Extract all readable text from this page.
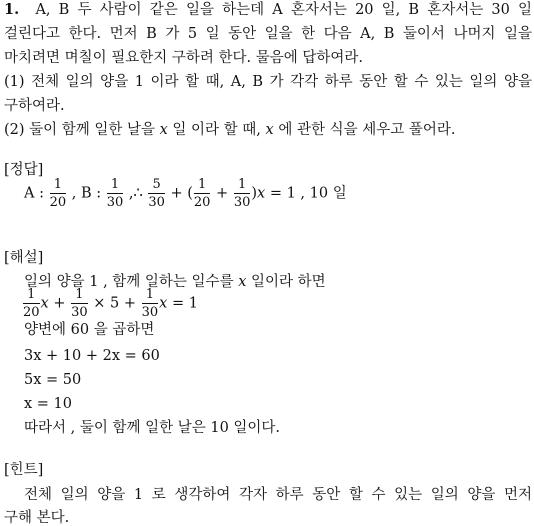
1. A, B 두 사람이 같은 일을 하는데 A 혼자서는 20 일, B 혼자서는 30 일
걸린다고 한다. 먼저 B 가 5 일 동안 일을 한 다음 A, B 둘이서 나머지 일을
마치려면 며칠이 필요한지 구하려 한다. 물음에 답하여라.
(1) 전체 일의 양을 1 이라 할 때, A, B 가 각각 하루 동안 할 수 있는 일의 양을
구하여라.
(2) 둘이 함께 일한 날을 x 일 이라 할 때, x 에 관한 식을 세우고 풀어라.
[정답]
A : $\frac{1}{20}$ , B : $\frac{1}{30}$ ,∴ $\frac{5}{30}$ + ( $\frac{1}{20} + \frac{1}{30} )x = 1$ , 10 일
[해설]
일의 양을 1 , 함께 일하는 일수를 x 일이라 하면
$\frac{1}{20}$ $x + \frac{1}{30} \times 5 + \frac{1}{30}$ x = 1
양변에 60 을 곱하면
3x + 10 + 2x = 60
5x = 50
x = 10
따라서 , 둘이 함께 일한 날은 10 일이다.
[힌트]
전체 일의 양을 1 로 생각하여 각자 하루 동안 할 수 있는 일의 양을 먼저
구해 본다.
